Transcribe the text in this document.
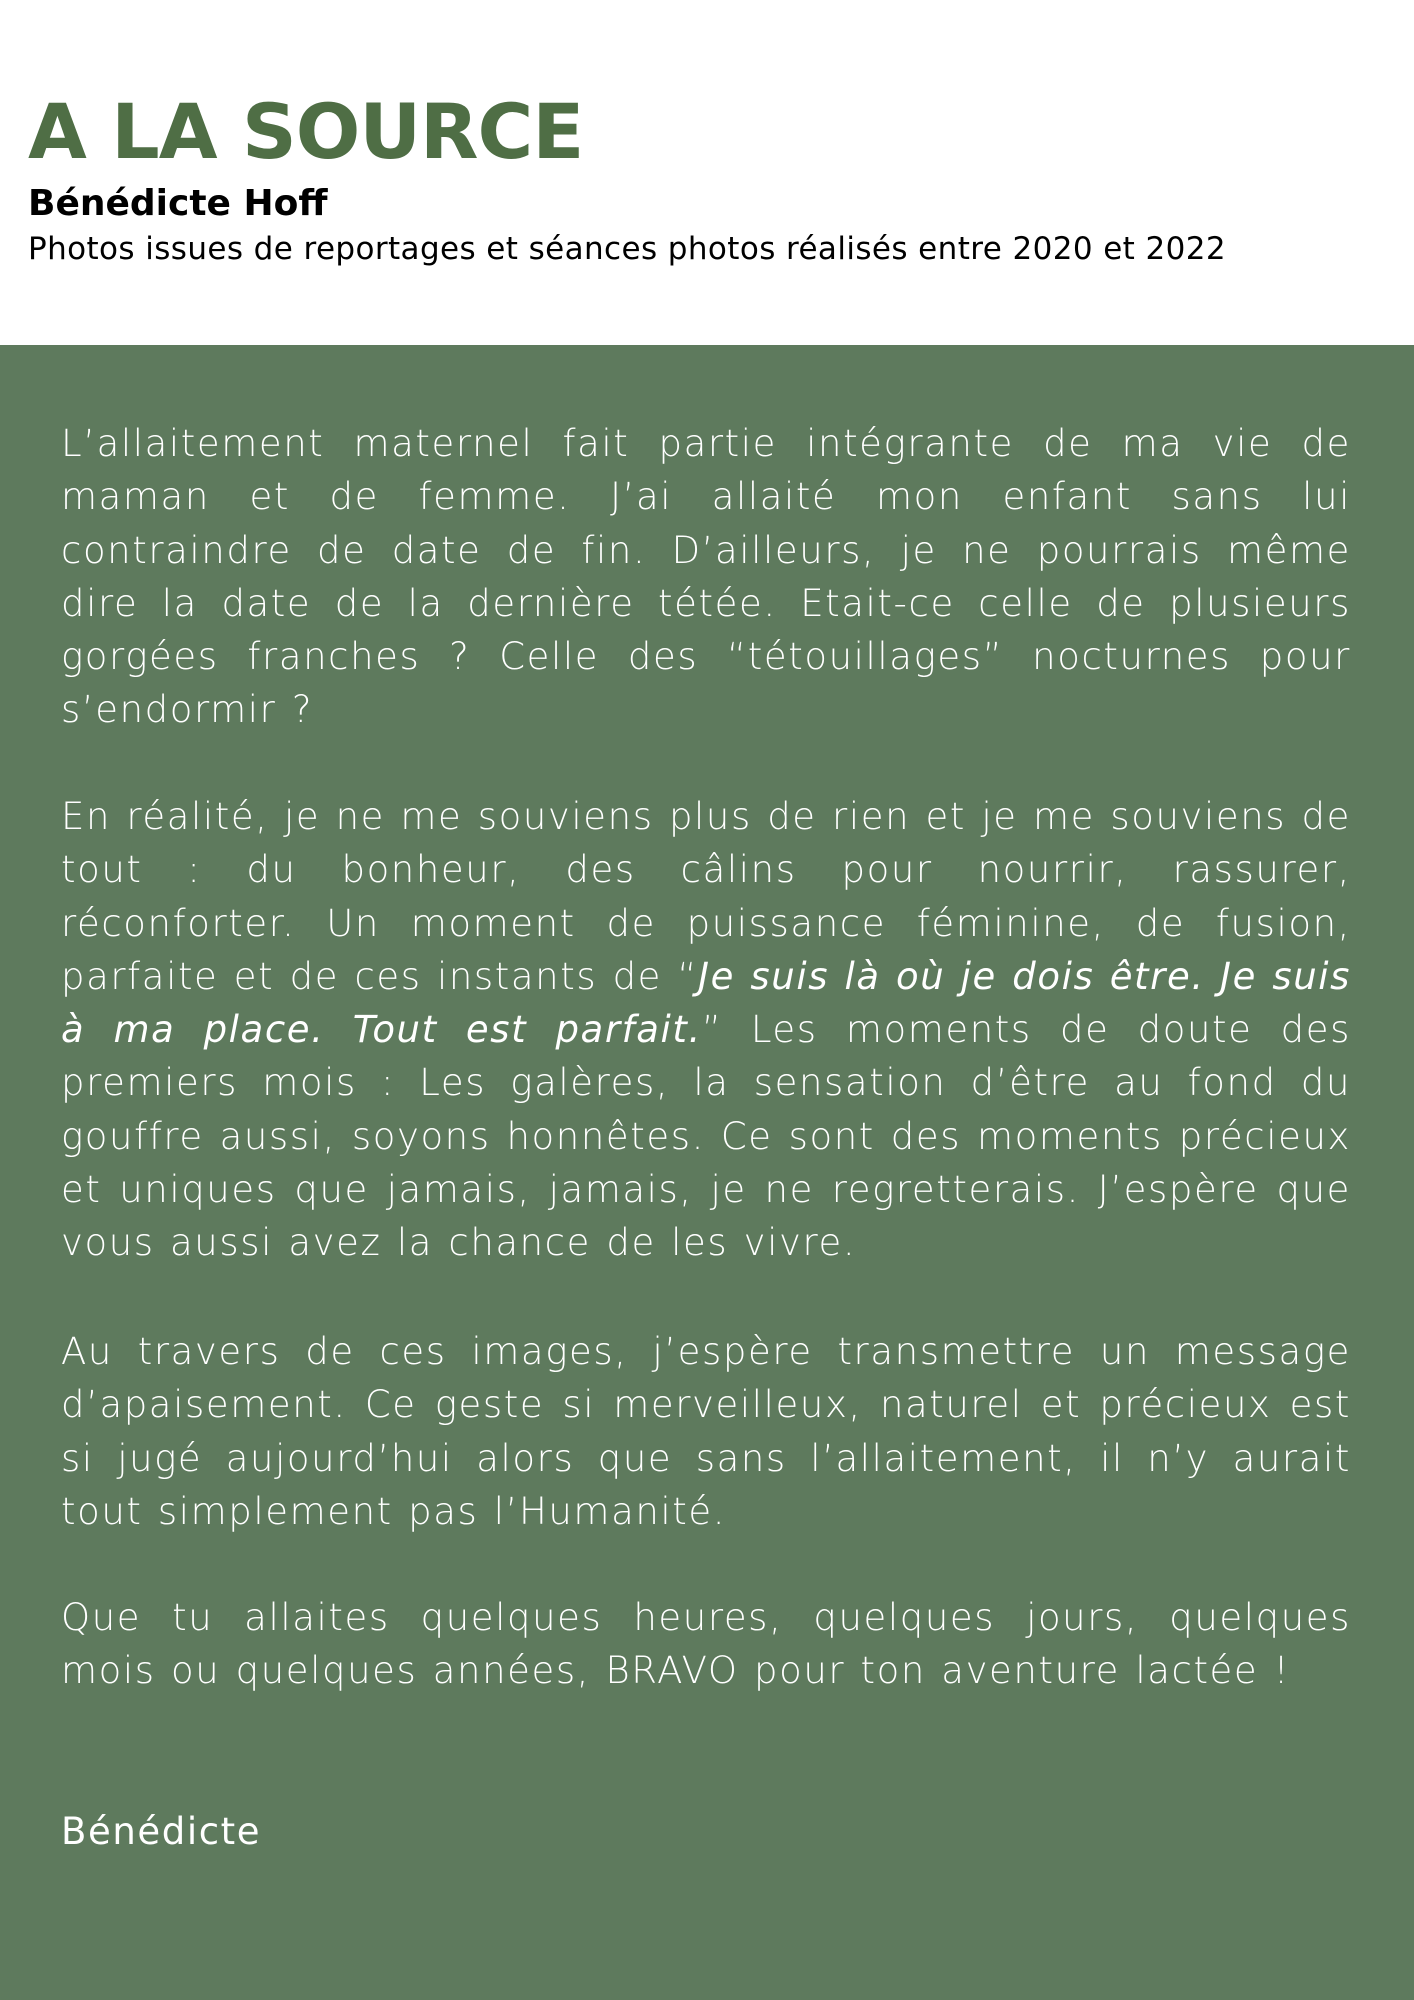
A LA SOURCE
Bénédicte Hoff
Photos issues de reportages et séances photos réalisés entre 2020 et 2022

L’allaitement maternel fait partie intégrante de ma vie de maman et de femme. J’ai allaité mon enfant sans lui contraindre de date de fin. D’ailleurs, je ne pourrais même dire la date de la dernière tétée. Etait-ce celle de plusieurs gorgées franches ? Celle des “tétouillages” nocturnes pour s’endormir ?

En réalité, je ne me souviens plus de rien et je me souviens de tout : du bonheur, des câlins pour nourrir, rassurer, réconforter. Un moment de puissance féminine, de fusion, parfaite et de ces instants de “Je suis là où je dois être. Je suis à ma place. Tout est parfait.” Les moments de doute des premiers mois : Les galères, la sensation d’être au fond du gouffre aussi, soyons honnêtes. Ce sont des moments précieux et uniques que jamais, jamais, je ne regretterais. J’espère que vous aussi avez la chance de les vivre.

Au travers de ces images, j’espère transmettre un message d’apaisement. Ce geste si merveilleux, naturel et précieux est si jugé aujourd’hui alors que sans l’allaitement, il n’y aurait tout simplement pas l’Humanité.

Que tu allaites quelques heures, quelques jours, quelques mois ou quelques années, BRAVO pour ton aventure lactée !

Bénédicte
